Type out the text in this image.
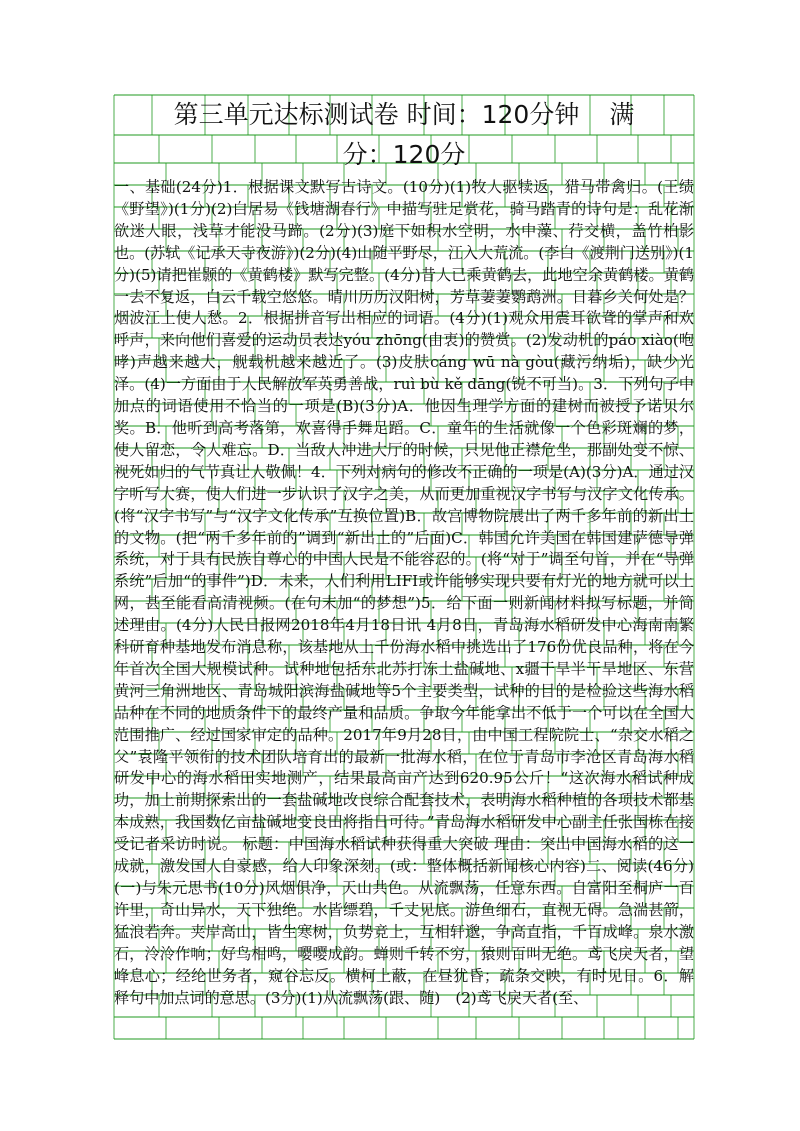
第三单元达标测试卷 时间：120分钟 满
分：120分

一、基础(24分)1．根据课文默写古诗文。(10分)(1)牧人驱犊返，猎马带禽归。(王绩《野望》)(1分)(2)白居易《钱塘湖春行》中描写驻足赏花，骑马踏青的诗句是：乱花渐欲迷人眼，浅草才能没马蹄。(2分)(3)庭下如积水空明，水中藻、荇交横，盖竹柏影也。(苏轼《记承天寺夜游》)(2分)(4)山随平野尽，江入大荒流。(李白《渡荆门送别》)(1分)(5)请把崔颢的《黄鹤楼》默写完整。(4分)昔人已乘黄鹤去，此地空余黄鹤楼。黄鹤一去不复返，白云千载空悠悠。晴川历历汉阳树，芳草萋萋鹦鹉洲。日暮乡关何处是？烟波江上使人愁。2．根据拼音写出相应的词语。(4分)(1)观众用震耳欲聋的掌声和欢呼声，来向他们喜爱的运动员表达yóu zhōng(由衷)的赞赏。(2)发动机的páo xiào(咆哮)声越来越大，舰载机越来越近了。(3)皮肤cáng wū nà gòu(藏污纳垢)，缺少光泽。(4)一方面由于人民解放军英勇善战，ruì bù kě dāng(锐不可当)。3．下列句子中加点的词语使用不恰当的一项是(B)(3分)A．他因生理学方面的建树而被授予诺贝尔奖。B．他听到高考落第，欢喜得手舞足蹈。C．童年的生活就像一个色彩斑斓的梦，使人留恋，令人难忘。D．当敌人冲进大厅的时候，只见他正襟危坐，那副处变不惊、视死如归的气节真让人敬佩！4．下列对病句的修改不正确的一项是(A)(3分)A．通过汉字听写大赛，使人们进一步认识了汉字之美，从而更加重视汉字书写与汉字文化传承。(将“汉字书写”与“汉字文化传承”互换位置)B．故宫博物院展出了两千多年前的新出土的文物。(把“两千多年前的”调到“新出土的”后面)C．韩国允许美国在韩国建萨德导弹系统，对于具有民族自尊心的中国人民是不能容忍的。(将“对于”调至句首，并在“导弹系统”后加“的事件”)D．未来，人们利用LIFI或许能够实现只要有灯光的地方就可以上网，甚至能看高清视频。(在句末加“的梦想”)5．给下面一则新闻材料拟写标题，并简述理由。(4分)人民日报网2018年4月18日讯 4月8日，青岛海水稻研发中心海南南繁科研育种基地发布消息称，该基地从上千份海水稻中挑选出了176份优良品种，将在今年首次全国大规模试种。试种地包括东北苏打冻土盐碱地、x疆干旱半干旱地区、东营黄河三角洲地区、青岛城阳滨海盐碱地等5个主要类型，试种的目的是检验这些海水稻品种在不同的地质条件下的最终产量和品质。争取今年能拿出不低于一个可以在全国大范围推广、经过国家审定的品种。2017年9月28日，由中国工程院院士、“杂交水稻之父”袁隆平领衔的技术团队培育出的最新一批海水稻，在位于青岛市李沧区青岛海水稻研发中心的海水稻田实地测产，结果最高亩产达到620.95公斤！“这次海水稻试种成功，加上前期探索出的一套盐碱地改良综合配套技术，表明海水稻种植的各项技术都基本成熟，我国数亿亩盐碱地变良田将指日可待。”青岛海水稻研发中心副主任张国栋在接受记者采访时说。 标题：中国海水稻试种获得重大突破 理由：突出中国海水稻的这一成就，激发国人自豪感，给人印象深刻。(或：整体概括新闻核心内容)二、阅读(46分)(一)与朱元思书(10分)风烟俱净，天山共色。从流飘荡，任意东西。自富阳至桐庐一百许里，奇山异水，天下独绝。水皆缥碧，千丈见底。游鱼细石，直视无碍。急湍甚箭，猛浪若奔。夹岸高山，皆生寒树，负势竞上，互相轩邈，争高直指，千百成峰。泉水激石，泠泠作响；好鸟相鸣，嘤嘤成韵。蝉则千转不穷，猿则百叫无绝。鸢飞戾天者，望峰息心；经纶世务者，窥谷忘反。横柯上蔽，在昼犹昏；疏条交映，有时见日。6．解释句中加点词的意思。(3分)(1)从流飘荡(跟、随)　(2)鸢飞戾天者(至、
